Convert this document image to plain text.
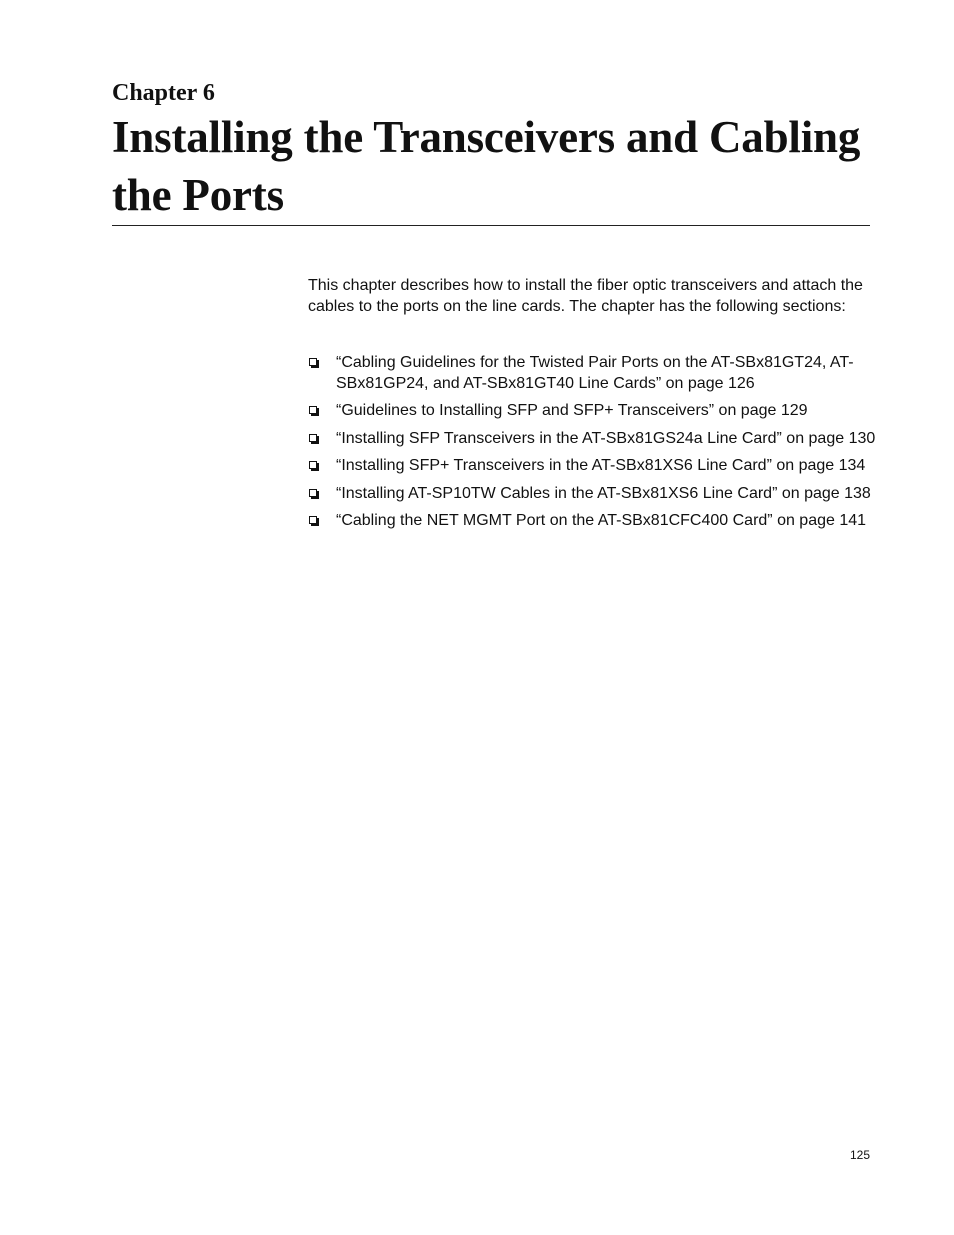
Chapter 6
Installing the Transceivers and Cabling the Ports

This chapter describes how to install the fiber optic transceivers and attach the cables to the ports on the line cards. The chapter has the following sections:

“Cabling Guidelines for the Twisted Pair Ports on the AT-SBx81GT24, AT-SBx81GP24, and AT-SBx81GT40 Line Cards” on page 126
“Guidelines to Installing SFP and SFP+ Transceivers” on page 129
“Installing SFP Transceivers in the AT-SBx81GS24a Line Card” on page 130
“Installing SFP+ Transceivers in the AT-SBx81XS6 Line Card” on page 134
“Installing AT-SP10TW Cables in the AT-SBx81XS6 Line Card” on page 138
“Cabling the NET MGMT Port on the AT-SBx81CFC400 Card” on page 141
125
